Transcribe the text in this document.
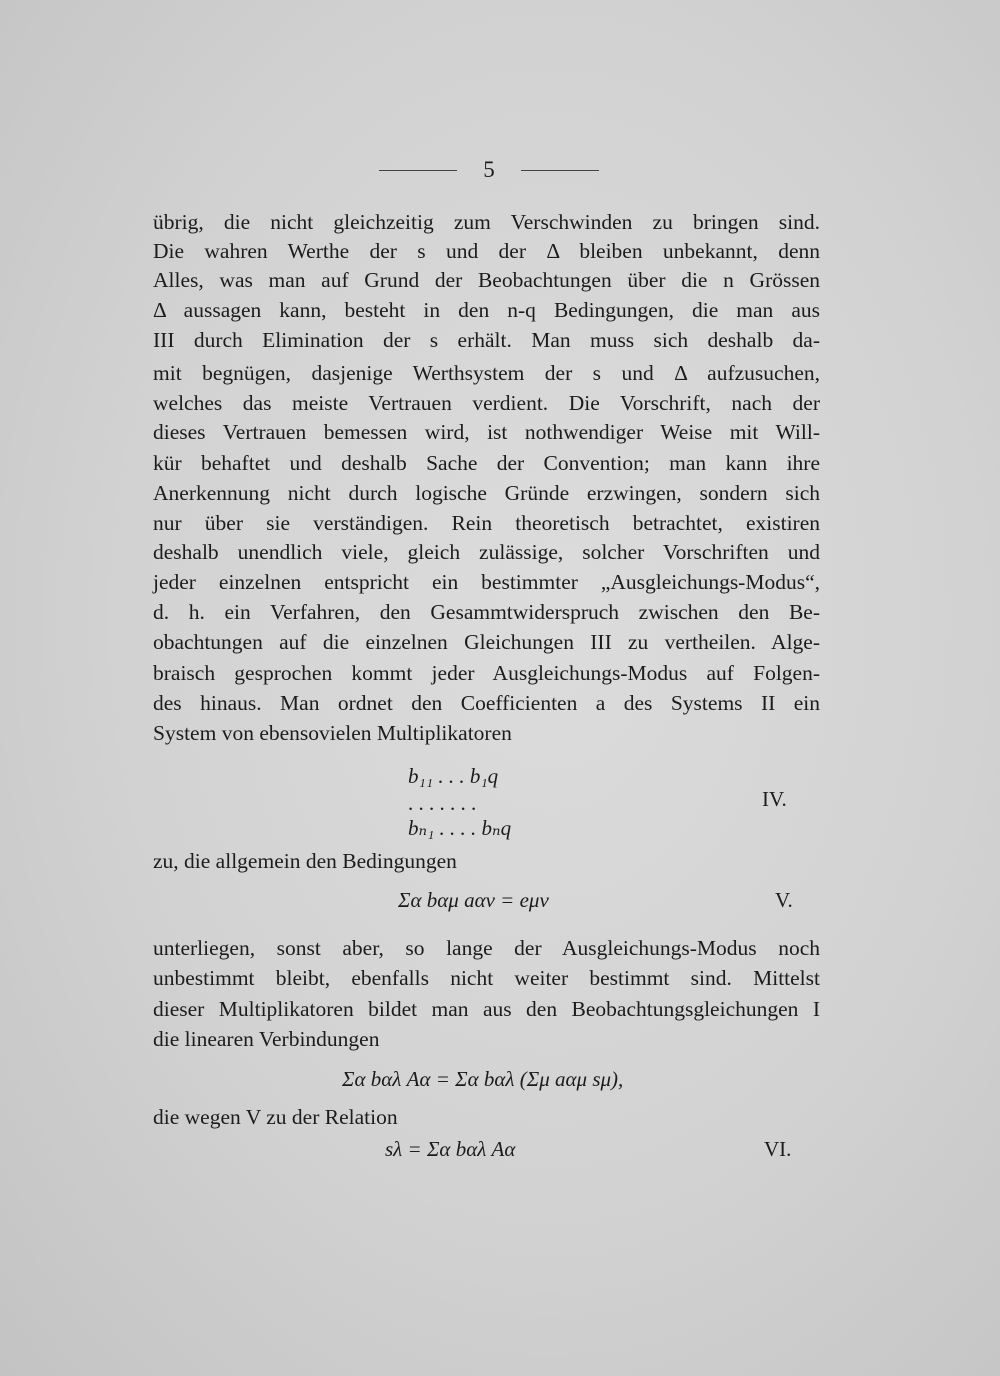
5
übrig, die nicht gleichzeitig zum Verschwinden zu bringen sind.
Die wahren Werthe der s und der Δ bleiben unbekannt, denn
Alles, was man auf Grund der Beobachtungen über die n Grössen
Δ aussagen kann, besteht in den n-q Bedingungen, die man aus
III durch Elimination der s erhält. Man muss sich deshalb da-
mit begnügen, dasjenige Werthsystem der s und Δ aufzusuchen,
welches das meiste Vertrauen verdient. Die Vorschrift, nach der
dieses Vertrauen bemessen wird, ist nothwendiger Weise mit Will-
kür behaftet und deshalb Sache der Convention; man kann ihre
Anerkennung nicht durch logische Gründe erzwingen, sondern sich
nur über sie verständigen. Rein theoretisch betrachtet, existiren
deshalb unendlich viele, gleich zulässige, solcher Vorschriften und
jeder einzelnen entspricht ein bestimmter „Ausgleichungs-Modus“,
d. h. ein Verfahren, den Gesammtwiderspruch zwischen den Be-
obachtungen auf die einzelnen Gleichungen III zu vertheilen. Alge-
braisch gesprochen kommt jeder Ausgleichungs-Modus auf Folgen-
des hinaus. Man ordnet den Coefficienten a des Systems II ein
System von ebensovielen Multiplikatoren
b₁₁ . . . b₁q
. . . . . . .	IV.
bₙ₁ . . . . bₙq
zu, die allgemein den Bedingungen
Σα bαμ aαν = eμν	V.
unterliegen, sonst aber, so lange der Ausgleichungs-Modus noch
unbestimmt bleibt, ebenfalls nicht weiter bestimmt sind. Mittelst
dieser Multiplikatoren bildet man aus den Beobachtungsgleichungen I
die linearen Verbindungen
Σα bαλ Aα = Σα bαλ (Σμ aαμ sμ),
die wegen V zu der Relation
sλ = Σα bαλ Aα	VI.
